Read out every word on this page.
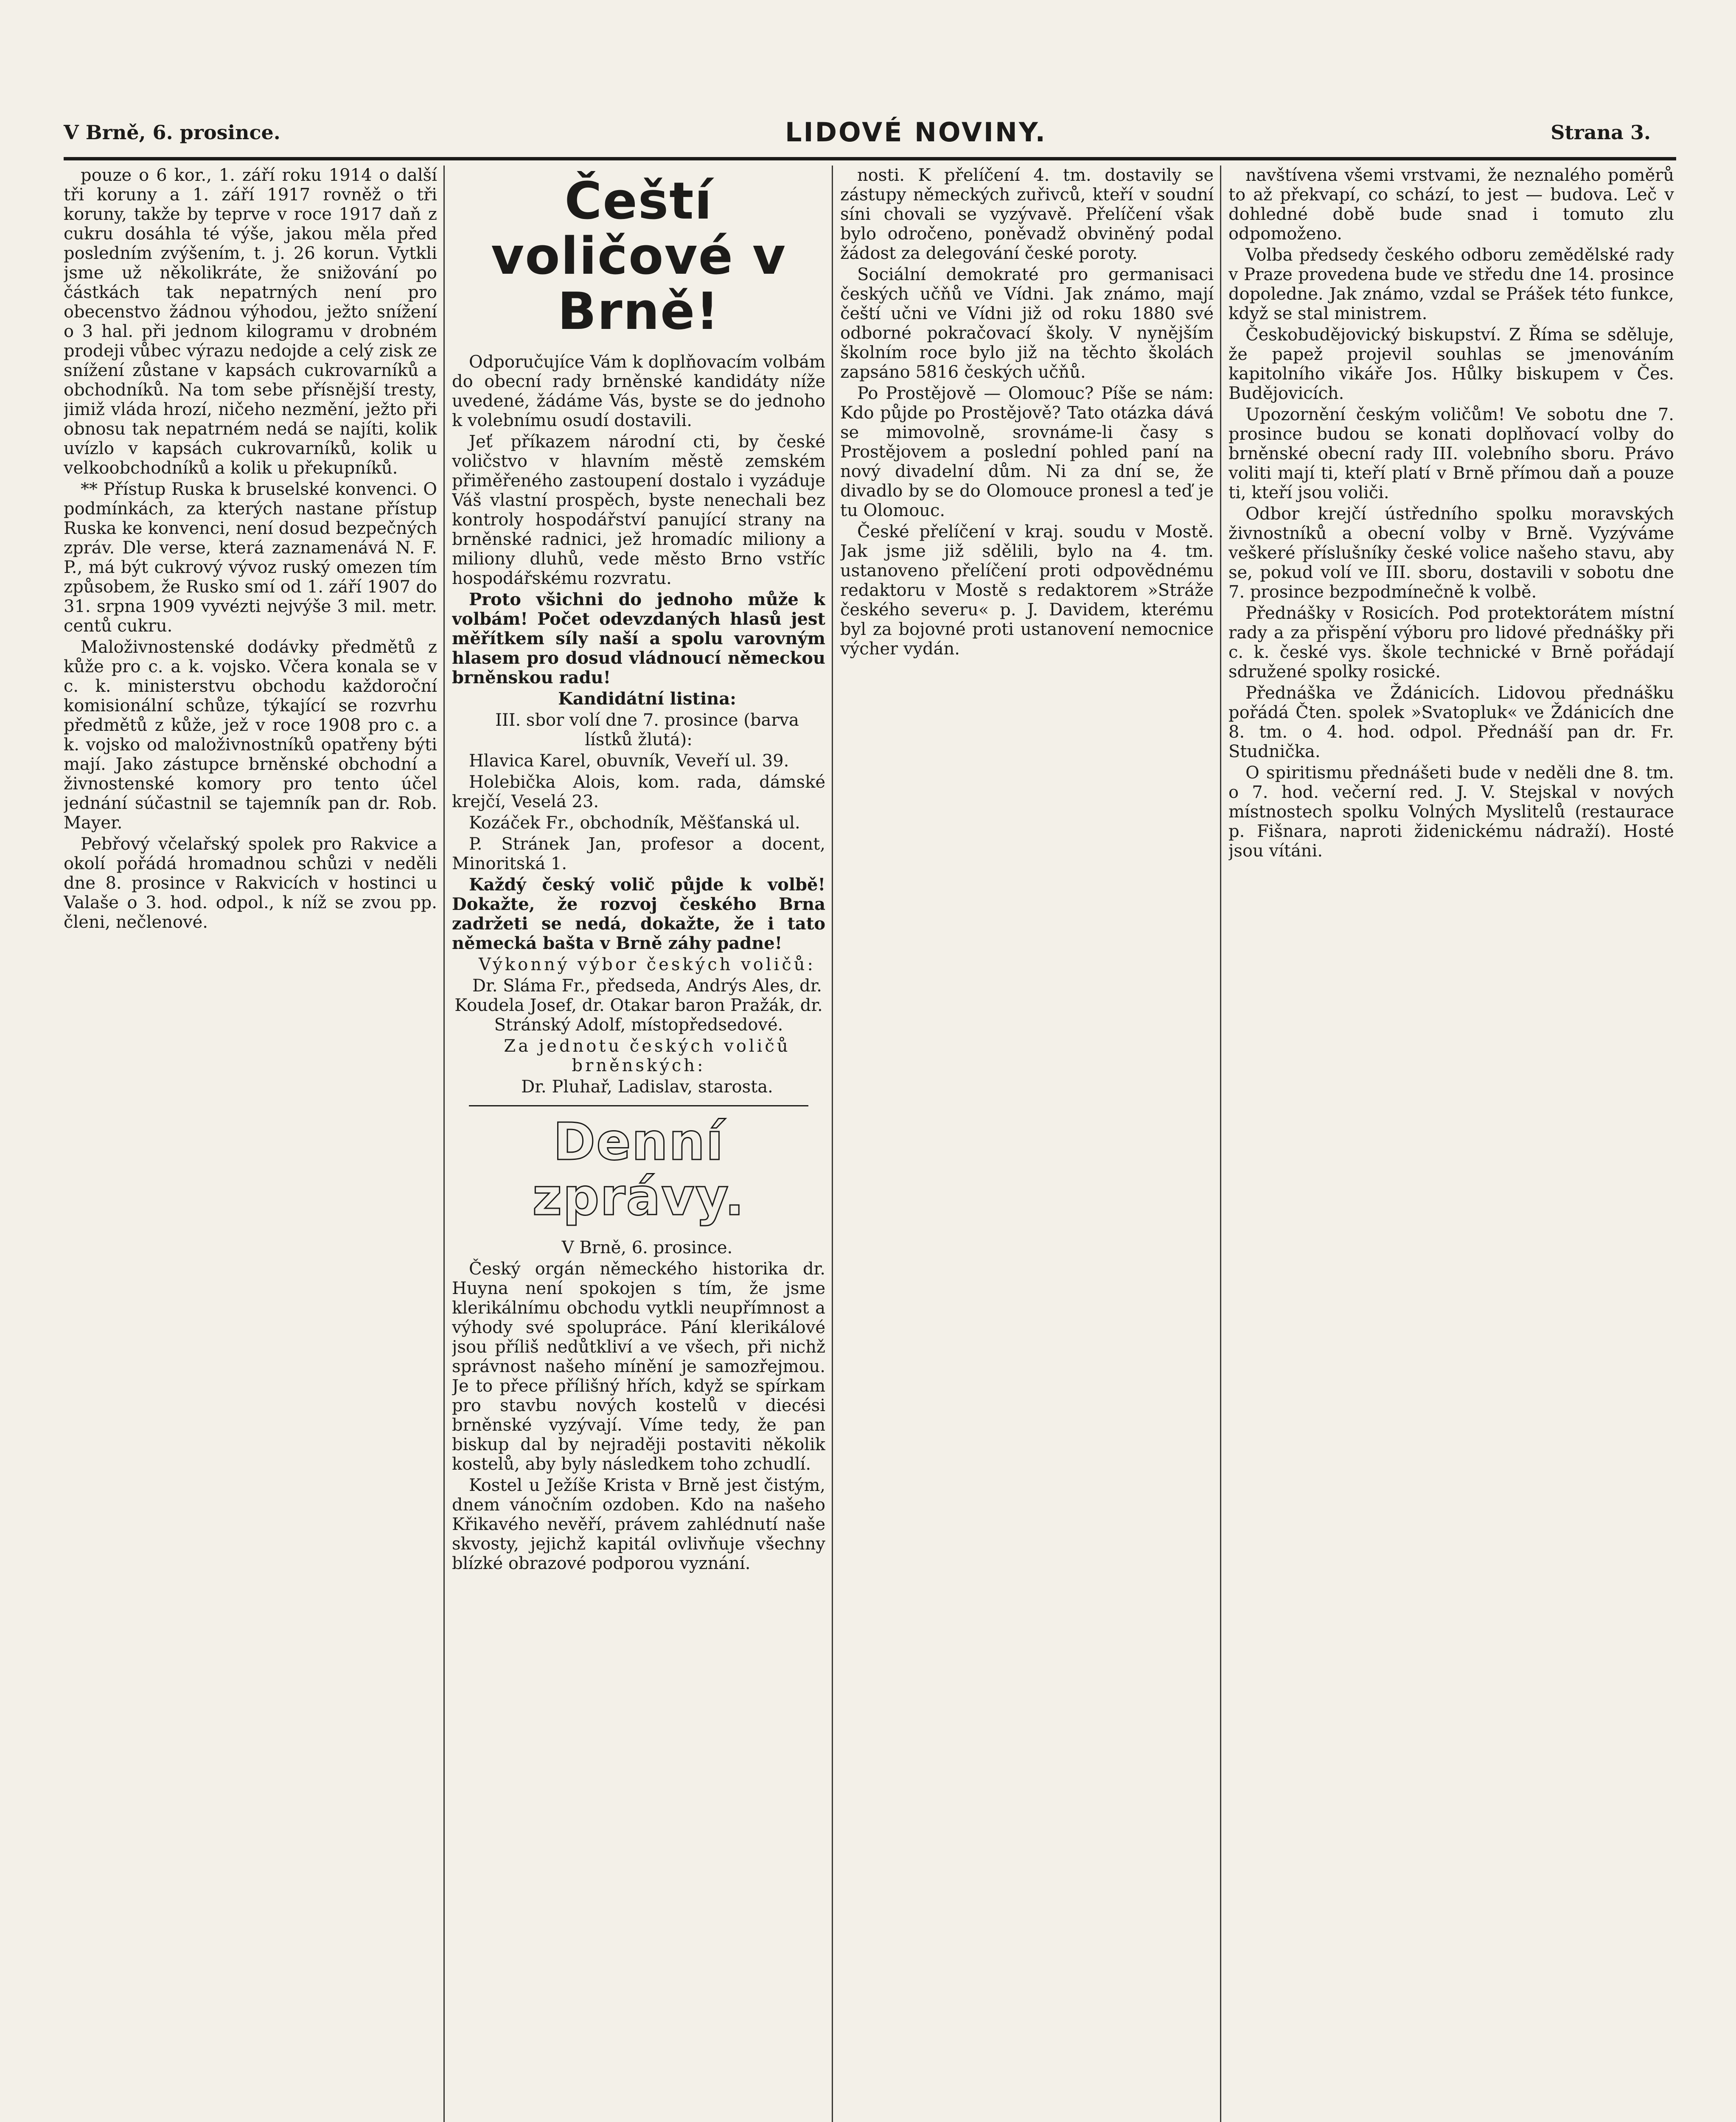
V Brně, 6. prosince.	LIDOVÉ NOVINY.	Strana 3.

pouze o 6 kor., 1. září roku 1914 o další tři koruny a 1. září 1917 rovněž o tři koruny, takže by teprve v roce 1917 daň z cukru dosáhla té výše, jakou měla před posledním zvýšením, t. j. 26 korun. Vytkli jsme už několikráte, že snižování po částkách tak nepatrných není pro obecenstvo žádnou výhodou, ježto snížení o 3 hal. při jednom kilogramu v drobném prodeji vůbec výrazu nedojde a celý zisk ze snížení zůstane v kapsách cukrovarníků a obchodníků. Na tom sebe přísnější tresty, jimiž vláda hrozí, ničeho nezmění, ježto při obnosu tak nepatrném nedá se najíti, kolik uvízlo v kapsách cukrovarníků, kolik u velkoobchodníků a kolik u překupníků.

** Přístup Ruska k bruselské konvenci. O podmínkách, za kterých nastane přístup Ruska ke konvenci, není dosud bezpečných zpráv. Dle verse, která zaznamenává N. F. P., má být cukrový vývoz ruský omezen tím způsobem, že Rusko smí od 1. září 1907 do 31. srpna 1909 vyvézti nejvýše 3 mil. metr. centů cukru.

Maloživnostenské dodávky předmětů z kůže pro c. a k. vojsko. Včera konala se v c. k. ministerstvu obchodu každoroční komisionální schůze, týkající se rozvrhu předmětů z kůže, jež v roce 1908 pro c. a k. vojsko od maloživnostníků opatřeny býti mají. Jako zástupce brněnské obchodní a živnostenské komory pro tento účel jednání súčastnil se tajemník pan dr. Rob. Mayer.

Pebřový včelařský spolek pro Rakvice a okolí pořádá hromadnou schůzi v neděli dne 8. prosince v Rakvicích v hostinci u Valaše o 3. hod. odpol., k níž se zvou pp. členi, nečlenové.

Čeští voličové v Brně!

Odporučujíce Vám k doplňovacím volbám do obecní rady brněnské kandidáty níže uvedené, žádáme Vás, byste se do jednoho k volebnímu osudí dostavili.

Jeť příkazem národní cti, by české voličstvo v hlavním městě zemském přiměřeného zastoupení dostalo i vyzáduje Váš vlastní prospěch, byste nenechali bez kontroly hospodářství panující strany na brněnské radnici, jež hromadíc miliony a miliony dluhů, vede město Brno vstříc hospodářskému rozvratu.

Proto všichni do jednoho může k volbám! Počet odevzdaných hlasů jest měřítkem síly naší a spolu varovným hlasem pro dosud vládnoucí německou brněnskou radu!

Kandidátní listina:

III. sbor volí dne 7. prosince (barva lístků žlutá):

Hlavica Karel, obuvník, Veveří ul. 39.

Holebička Alois, kom. rada, dámské krejčí, Veselá 23.

Kozáček Fr., obchodník, Měšťanská ul.

P. Stránek Jan, profesor a docent, Minoritská 1.

Každý český volič půjde k volbě! Dokažte, že rozvoj českého Brna zadržeti se nedá, dokažte, že i tato německá bašta v Brně záhy padne!

Výkonný výbor českých voličů:

Dr. Sláma Fr., předseda, Andrýs Ales, dr. Koudela Josef, dr. Otakar baron Pražák, dr. Stránský Adolf, místopředsedové.

Za jednotu českých voličů brněnských:

Dr. Pluhař, Ladislav, starosta.

Denní zprávy.

V Brně, 6. prosince.

Český orgán německého historika dr. Huyna není spokojen s tím, že jsme klerikálnímu obchodu vytkli neupřímnost a výhody své spolupráce. Pání klerikálové jsou příliš nedůtkliví a ve všech, při nichž správnost našeho mínění je samozřejmou. Je to přece přílišný hřích, když se spírkam pro stavbu nových kostelů v diecési brněnské vyzývají. Víme tedy, že pan biskup dal by nejraději postaviti několik kostelů, aby byly následkem toho zchudlí.

Kostel u Ježíše Krista v Brně jest čistým, dnem vánočním ozdoben. Kdo na našeho Křikavého nevěří, právem zahlédnutí naše skvosty, jejichž kapitál ovlivňuje všechny blízké obrazové podporou vyznání.

nosti. K přelíčení 4. tm. dostavily se zástupy německých zuřivců, kteří v soudní síni chovali se vyzývavě. Přelíčení však bylo odročeno, poněvadž obviněný podal žádost za delegování české poroty.

Sociální demokraté pro germanisaci českých učňů ve Vídni. Jak známo, mají čeští učni ve Vídni již od roku 1880 své odborné pokračovací školy. V nynějším školním roce bylo již na těchto školách zapsáno 5816 českých učňů.

Po Prostějově — Olomouc? Píše se nám: Kdo půjde po Prostějově? Tato otázka dává se mimovolně, srovnáme-li časy s Prostějovem a poslední pohled paní na nový divadelní dům. Ni za dní se, že divadlo by se do Olomouce pronesl a teď je tu Olomouc.

České přelíčení v kraj. soudu v Mostě. Jak jsme již sdělili, bylo na 4. tm. ustanoveno přelíčení proti odpovědnému redaktoru v Mostě s redaktorem »Stráže českého severu« p. J. Davidem, kterému byl za bojovné proti ustanovení nemocnice výcher vydán.

navštívena všemi vrstvami, že neznalého poměrů to až překvapí, co schází, to jest — budova. Leč v dohledné době bude snad i tomuto zlu odpomoženo.

Volba předsedy českého odboru zemědělské rady v Praze provedena bude ve středu dne 14. prosince dopoledne. Jak známo, vzdal se Prášek této funkce, když se stal ministrem.

Českobudějovický biskupství. Z Říma se sděluje, že papež projevil souhlas se jmenováním kapitolního vikáře Jos. Hůlky biskupem v Čes. Budějovicích.

Upozornění českým voličům! Ve sobotu dne 7. prosince budou se konati doplňovací volby do brněnské obecní rady III. volebního sboru. Právo voliti mají ti, kteří platí v Brně přímou daň a pouze ti, kteří jsou voliči.

Odbor krejčí ústředního spolku moravských živnostníků a obecní volby v Brně. Vyzýváme veškeré příslušníky české volice našeho stavu, aby se, pokud volí ve III. sboru, dostavili v sobotu dne 7. prosince bezpodmínečně k volbě.

Přednášky v Rosicích. Pod protektorátem místní rady a za přispění výboru pro lidové přednášky při c. k. české vys. škole technické v Brně pořádají sdružené spolky rosické.

Přednáška ve Ždánicích. Lidovou přednášku pořádá Čten. spolek »Svatopluk« ve Ždánicích dne 8. tm. o 4. hod. odpol. Přednáší pan dr. Fr. Studnička.

O spiritismu přednášeti bude v neděli dne 8. tm. o 7. hod. večerní red. J. V. Stejskal v nových místnostech spolku Volných Myslitelů (restaurace p. Fišnara, naproti židenickému nádraží). Hosté jsou vítáni.
